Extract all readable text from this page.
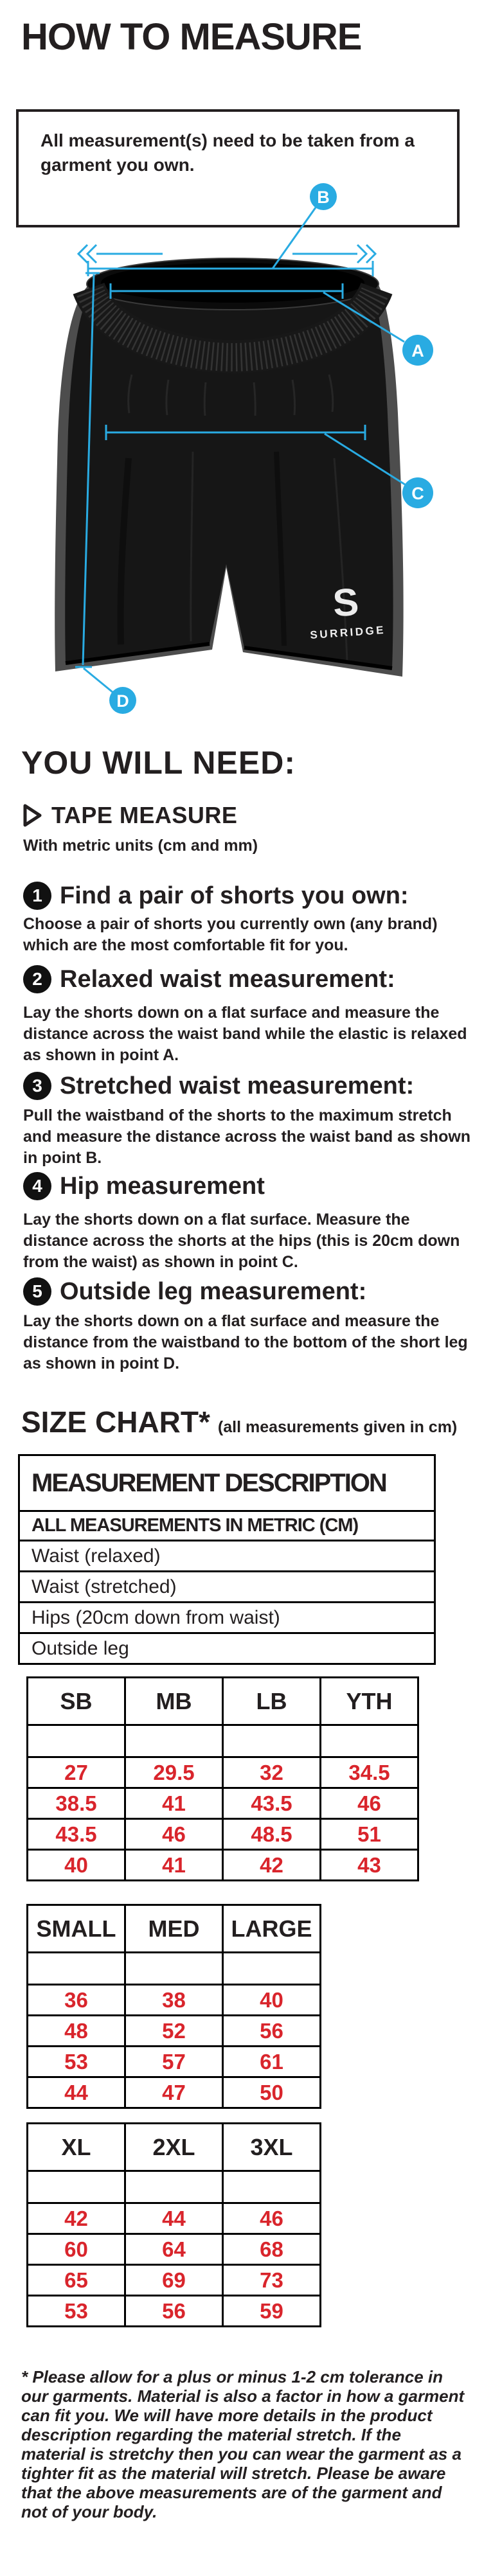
HOW TO MEASURE
All measurement(s) need to be taken from a garment you own.
S
SURRIDGE
B
A
C
D
YOU WILL NEED:
TAPE MEASURE
With metric units (cm and mm)
1 Find a pair of shorts you own:
Choose a pair of shorts you currently own (any brand) which are the most comfortable fit for you.
2 Relaxed waist measurement:
Lay the shorts down on a flat surface and measure the distance across the waist band while the elastic is relaxed as shown in point A.
3 Stretched waist measurement:
Pull the waistband of the shorts to the maximum stretch and measure the distance across the waist band as shown in point B.
4 Hip measurement
Lay the shorts down on a flat surface. Measure the distance across the shorts at the hips (this is 20cm down from the waist) as shown in point C.
5 Outside leg measurement:
Lay the shorts down on a flat surface and measure the distance from the waistband to the bottom of the short leg as shown in point D.
SIZE CHART* (all measurements given in cm)
MEASUREMENT DESCRIPTION
ALL MEASUREMENTS IN METRIC (CM)
Waist (relaxed)
Waist (stretched)
Hips (20cm down from waist)
Outside leg
SB	MB	LB	YTH
27	29.5	32	34.5
38.5	41	43.5	46
43.5	46	48.5	51
40	41	42	43
SMALL	MED	LARGE
36	38	40
48	52	56
53	57	61
44	47	50
XL	2XL	3XL
42	44	46
60	64	68
65	69	73
53	56	59
* Please allow for a plus or minus 1-2 cm tolerance in our garments. Material is also a factor in how a garment can fit you. We will have more details in the product description regarding the material stretch. If the material is stretchy then you can wear the garment as a tighter fit as the material will stretch. Please be aware that the above measurements are of the garment and not of your body.
